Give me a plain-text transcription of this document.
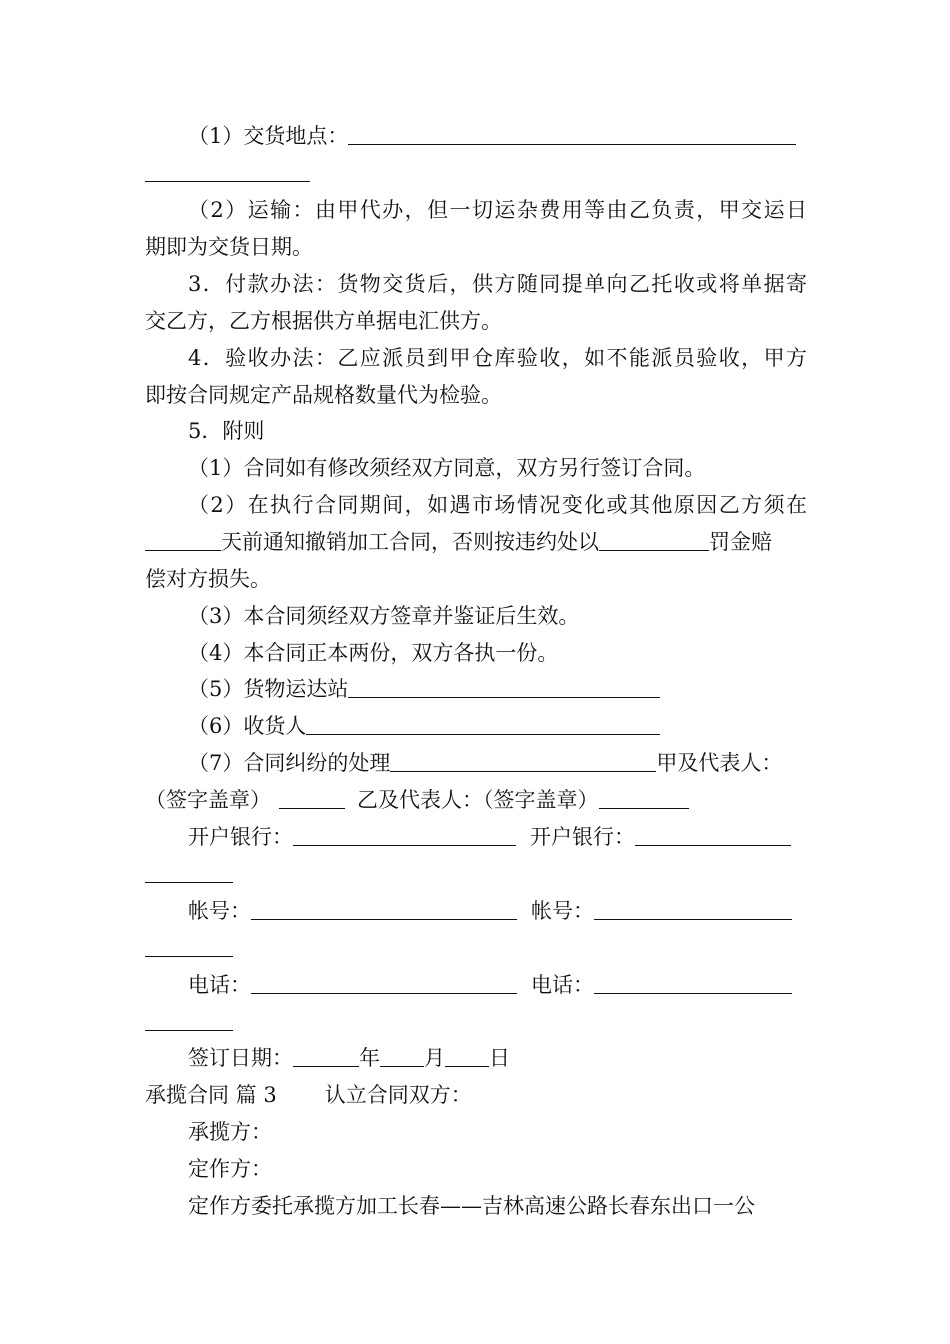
（1）交货地点：
（2）运输：由甲代办，但一切运杂费用等由乙负责，甲交运日
期即为交货日期。
3．付款办法：货物交货后，供方随同提单向乙托收或将单据寄
交乙方，乙方根据供方单据电汇供方。
4．验收办法：乙应派员到甲仓库验收，如不能派员验收，甲方
即按合同规定产品规格数量代为检验。
5．附则
（1）合同如有修改须经双方同意，双方另行签订合同。
（2）在执行合同期间，如遇市场情况变化或其他原因乙方须在
天前通知撤销加工合同，否则按违约处以	罚金赔
偿对方损失。
（3）本合同须经双方签章并鉴证后生效。
（4）本合同正本两份，双方各执一份。
（5）货物运达站
（6）收货人
（7）合同纠纷的处理	甲及代表人：
（签字盖章）	乙及代表人：（签字盖章）
开户银行：	开户银行：
帐号：	帐号：
电话：	电话：
签订日期：	年 月 日
承揽合同 篇 3 认立合同双方：
承揽方：
定作方：
定作方委托承揽方加工长春——吉林高速公路长春东出口一公
